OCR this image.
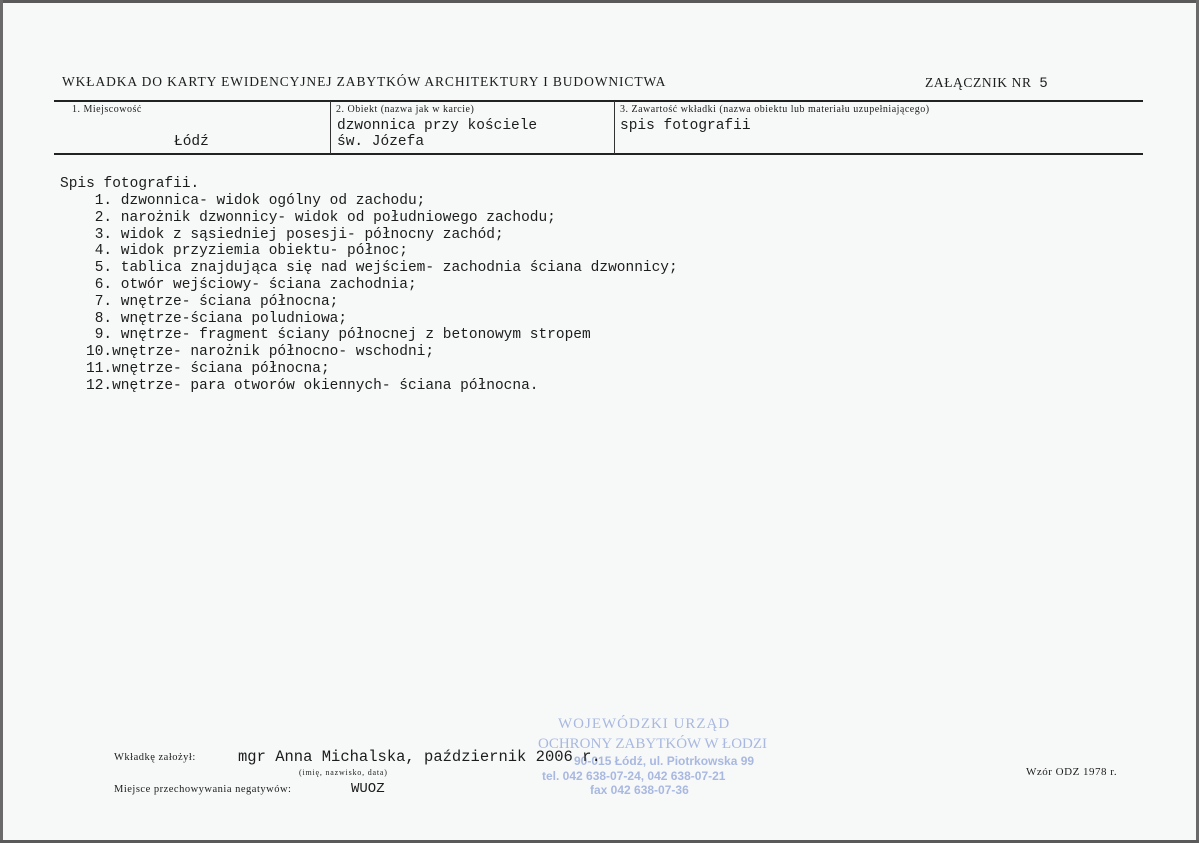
WKŁADKA DO KARTY EWIDENCYJNEJ ZABYTKÓW ARCHITEKTURY I BUDOWNICTWA	ZAŁĄCZNIK NR 5
1. Miejscowość
Łódź
2. Obiekt (nazwa jak w karcie)
dzwonnica przy kościele
św. Józefa
3. Zawartość wkładki (nazwa obiektu lub materiału uzupełniającego)
spis fotografii
Spis fotografii.
1. dzwonnica- widok ogólny od zachodu;
2. narożnik dzwonnicy- widok od południowego zachodu;
3. widok z sąsiedniej posesji- północny zachód;
4. widok przyziemia obiektu- północ;
5. tablica znajdująca się nad wejściem- zachodnia ściana dzwonnicy;
6. otwór wejściowy- ściana zachodnia;
7. wnętrze- ściana północna;
8. wnętrze-ściana poludniowa;
9. wnętrze- fragment ściany północnej z betonowym stropem
10.wnętrze- narożnik północno- wschodni;
11.wnętrze- ściana północna;
12.wnętrze- para otworów okiennych- ściana północna.
WOJEWÓDZKI URZĄD
OCHRONY ZABYTKÓW W ŁODZI
90-015 Łódź, ul. Piotrkowska 99
tel. 042 638-07-24, 042 638-07-21
fax 042 638-07-36
Wkładkę założył:	mgr Anna Michalska, październik 2006 r.
(imię, nazwisko, data)
Miejsce przechowywania negatywów:	WUOZ
Wzór ODZ 1978 r.
